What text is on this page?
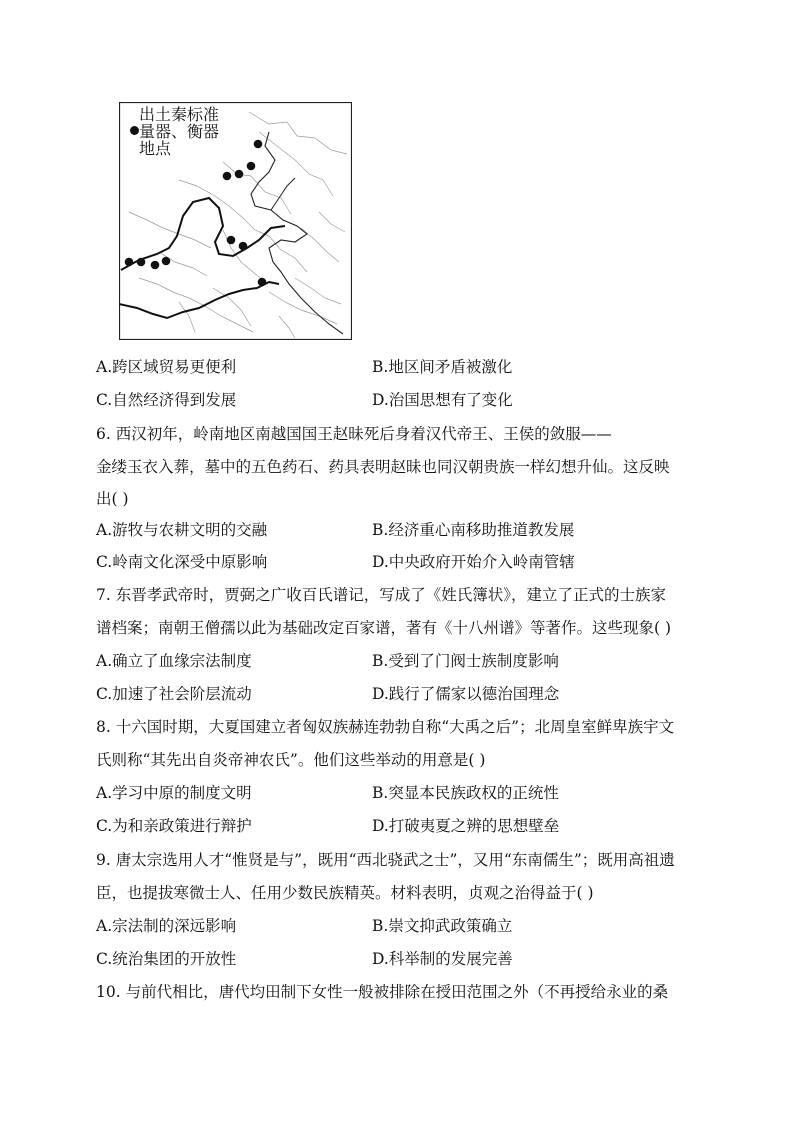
出土秦标准
量器、衡器
地点
A.跨区域贸易更便利	B.地区间矛盾被激化
C.自然经济得到发展	D.治国思想有了变化
6. 西汉初年，岭南地区南越国国王赵昧死后身着汉代帝王、王侯的敛服——
金缕玉衣入葬，墓中的五色药石、药具表明赵昧也同汉朝贵族一样幻想升仙。这反映
出( )
A.游牧与农耕文明的交融	B.经济重心南移助推道教发展
C.岭南文化深受中原影响	D.中央政府开始介入岭南管辖
7. 东晋孝武帝时，贾弼之广收百氏谱记，写成了《姓氏簿状》，建立了正式的士族家
谱档案；南朝王僧孺以此为基础改定百家谱，著有《十八州谱》等著作。这些现象( )
A.确立了血缘宗法制度	B.受到了门阀士族制度影响
C.加速了社会阶层流动	D.践行了儒家以德治国理念
8. 十六国时期，大夏国建立者匈奴族赫连勃勃自称“大禹之后”；北周皇室鲜卑族宇文
氏则称“其先出自炎帝神农氏”。他们这些举动的用意是( )
A.学习中原的制度文明	B.突显本民族政权的正统性
C.为和亲政策进行辩护	D.打破夷夏之辨的思想壁垒
9. 唐太宗选用人才“惟贤是与”，既用“西北骁武之士”，又用“东南儒生”；既用高祖遗
臣，也提拔寒微士人、任用少数民族精英。材料表明，贞观之治得益于( )
A.宗法制的深远影响	B.崇文抑武政策确立
C.统治集团的开放性	D.科举制的发展完善
10. 与前代相比，唐代均田制下女性一般被排除在授田范围之外（不再授给永业的桑
